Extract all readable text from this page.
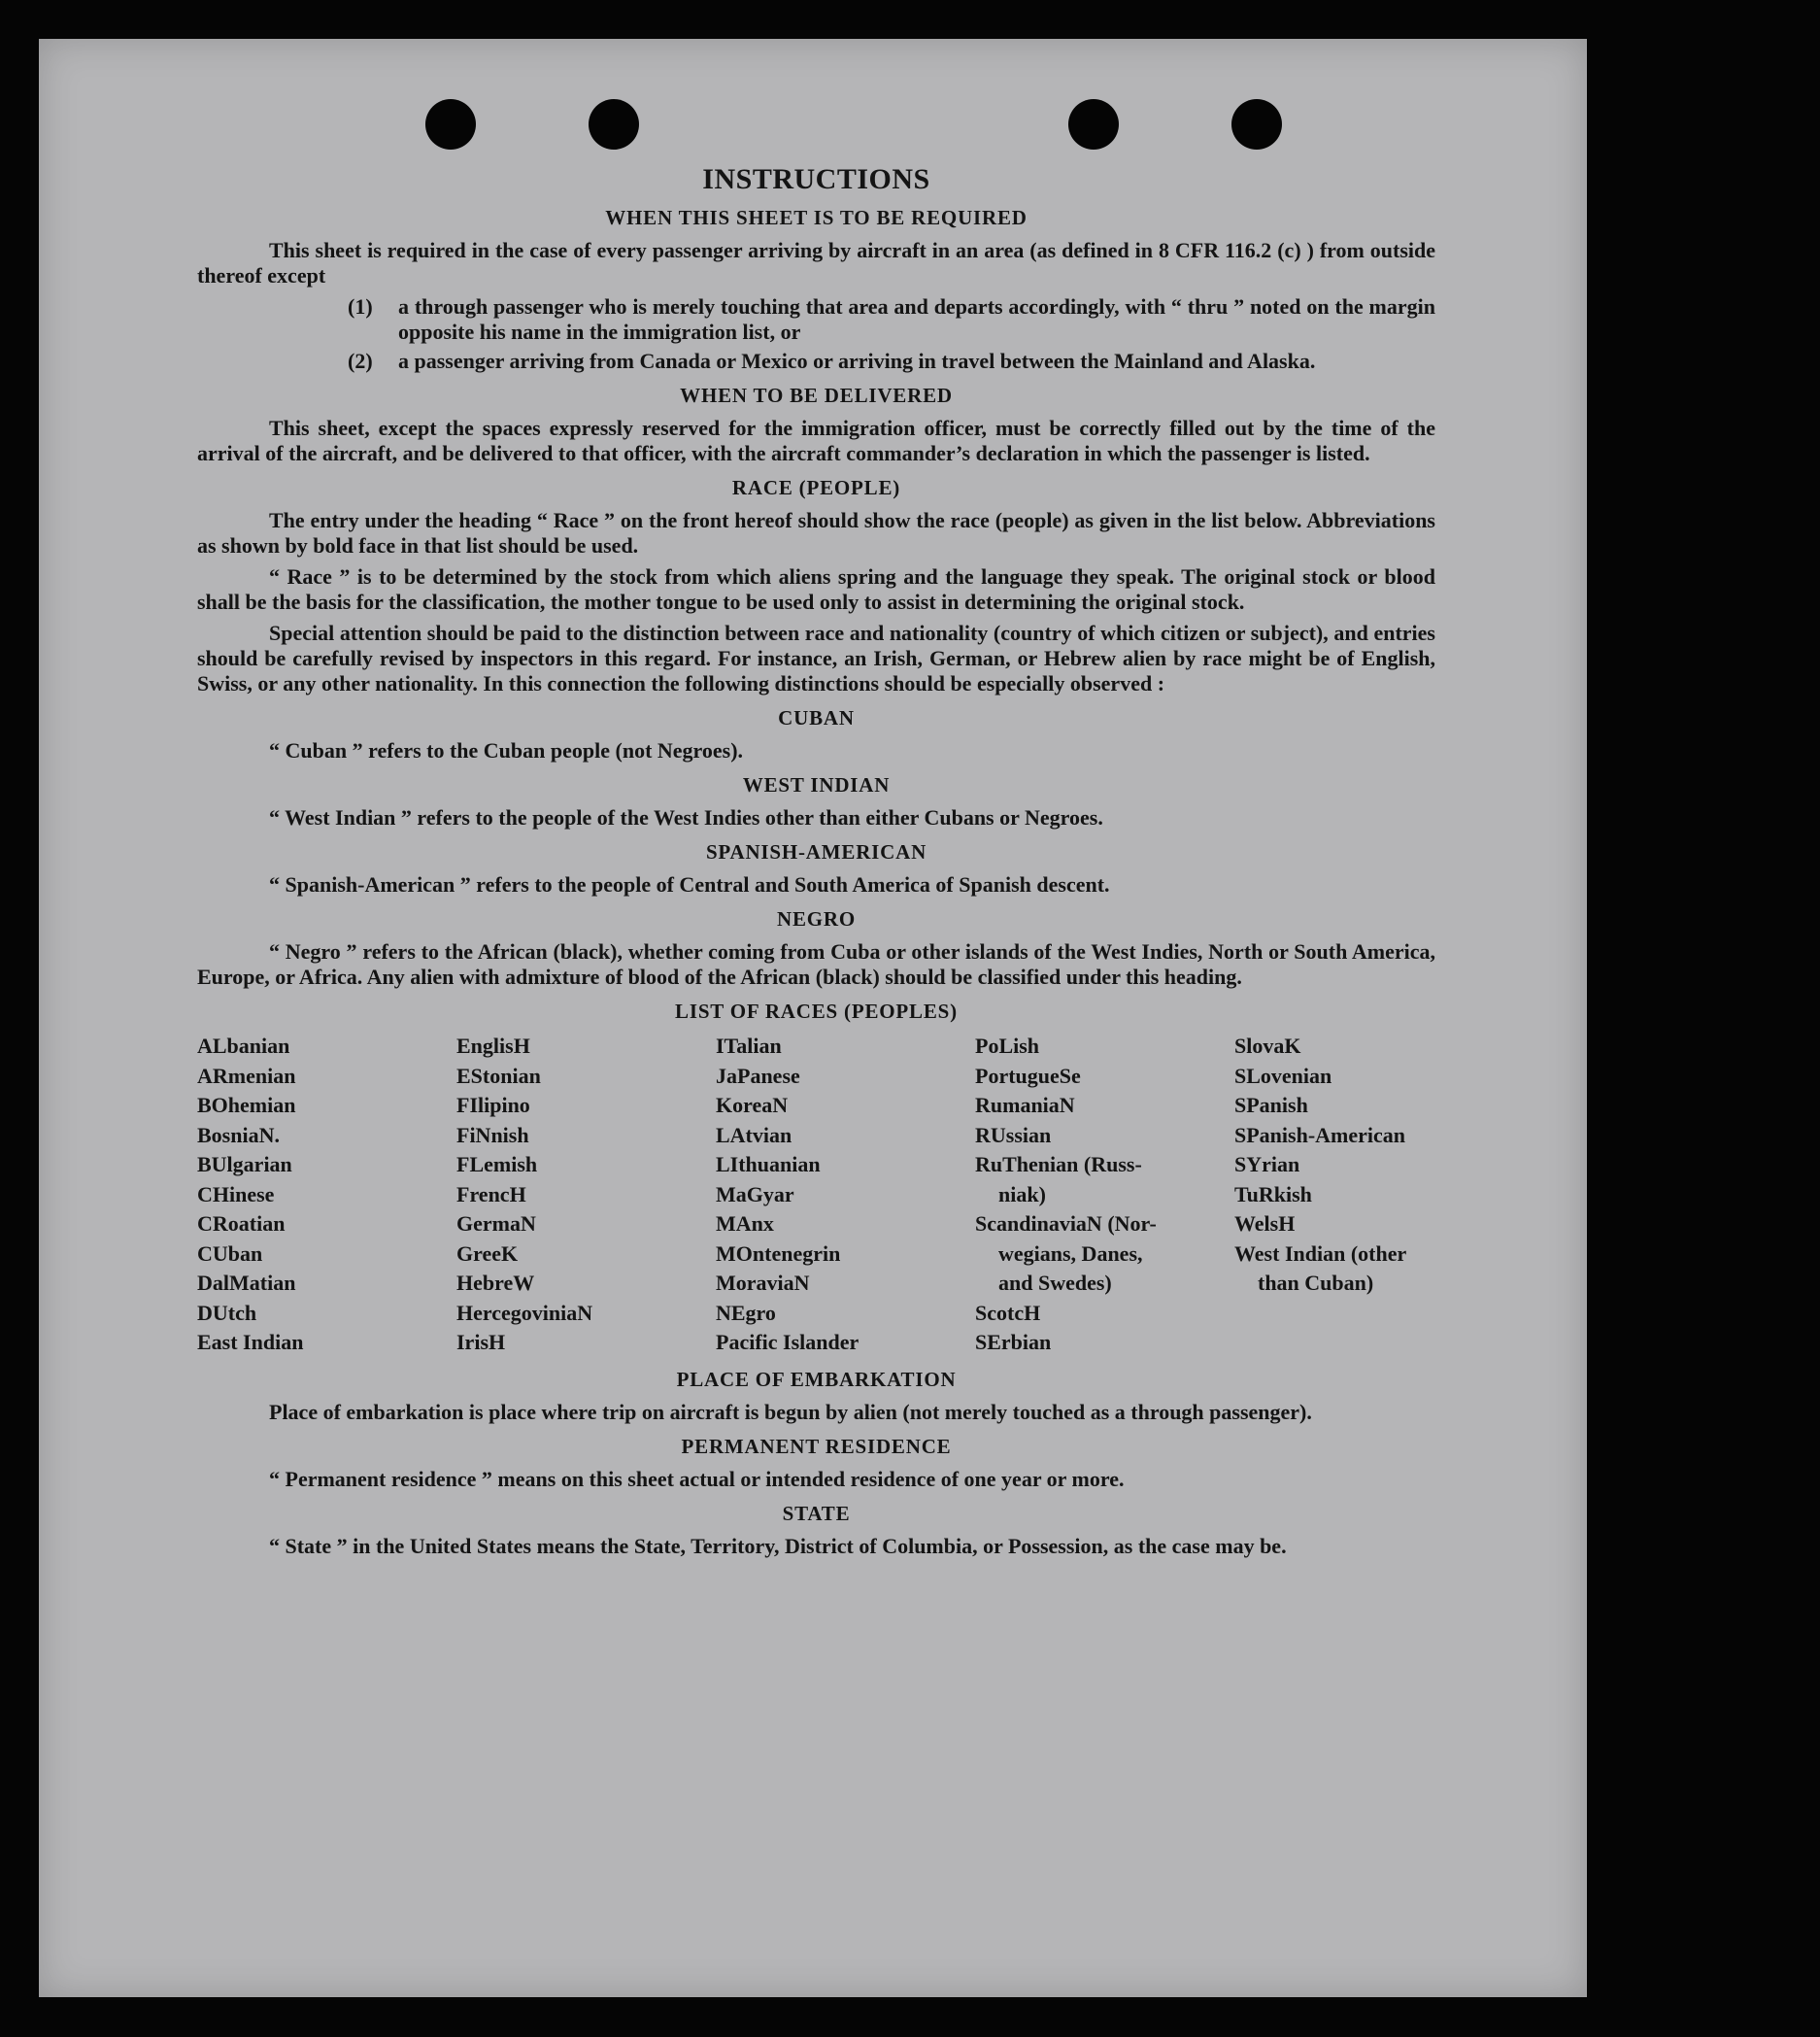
INSTRUCTIONS
WHEN THIS SHEET IS TO BE REQUIRED

This sheet is required in the case of every passenger arriving by aircraft in an area (as defined in 8 CFR 116.2 (c) ) from outside thereof except

(1)	a through passenger who is merely touching that area and departs accordingly, with “ thru ” noted on the margin opposite his name in the immigration list, or
(2)	a passenger arriving from Canada or Mexico or arriving in travel between the Mainland and Alaska.
WHEN TO BE DELIVERED

This sheet, except the spaces expressly reserved for the immigration officer, must be correctly filled out by the time of the arrival of the aircraft, and be delivered to that officer, with the aircraft commander’s declaration in which the passenger is listed.

RACE (PEOPLE)

The entry under the heading “ Race ” on the front hereof should show the race (people) as given in the list below. Abbreviations as shown by bold face in that list should be used.

“ Race ” is to be determined by the stock from which aliens spring and the language they speak. The original stock or blood shall be the basis for the classification, the mother tongue to be used only to assist in determining the original stock.

Special attention should be paid to the distinction between race and nationality (country of which citizen or subject), and entries should be carefully revised by inspectors in this regard. For instance, an Irish, German, or Hebrew alien by race might be of English, Swiss, or any other nationality. In this connection the following distinctions should be especially observed :

CUBAN

“ Cuban ” refers to the Cuban people (not Negroes).

WEST INDIAN

“ West Indian ” refers to the people of the West Indies other than either Cubans or Negroes.

SPANISH-AMERICAN

“ Spanish-American ” refers to the people of Central and South America of Spanish descent.

NEGRO

“ Negro ” refers to the African (black), whether coming from Cuba or other islands of the West Indies, North or South America, Europe, or Africa. Any alien with admixture of blood of the African (black) should be classified under this heading.

LIST OF RACES (PEOPLES)
ALbanian
ARmenian
BOhemian
BosniaN.
BUlgarian
CHinese
CRoatian
CUban
DalMatian
DUtch
East Indian
EnglisH
EStonian
FIlipino
FiNnish
FLemish
FrencH
GermaN
GreeK
HebreW
HercegoviniaN
IrisH
ITalian
JaPanese
KoreaN
LAtvian
LIthuanian
MaGyar
MAnx
MOntenegrin
MoraviaN
NEgro
Pacific Islander
PoLish
PortugueSe
RumaniaN
RUssian
RuThenian (Russ-
niak)
ScandinaviaN (Nor-
wegians, Danes,
and Swedes)
ScotcH
SErbian
SlovaK
SLovenian
SPanish
SPanish-American
SYrian
TuRkish
WelsH
West Indian (other
than Cuban)
PLACE OF EMBARKATION

Place of embarkation is place where trip on aircraft is begun by alien (not merely touched as a through passenger).

PERMANENT RESIDENCE

“ Permanent residence ” means on this sheet actual or intended residence of one year or more.

STATE

“ State ” in the United States means the State, Territory, District of Columbia, or Possession, as the case may be.
